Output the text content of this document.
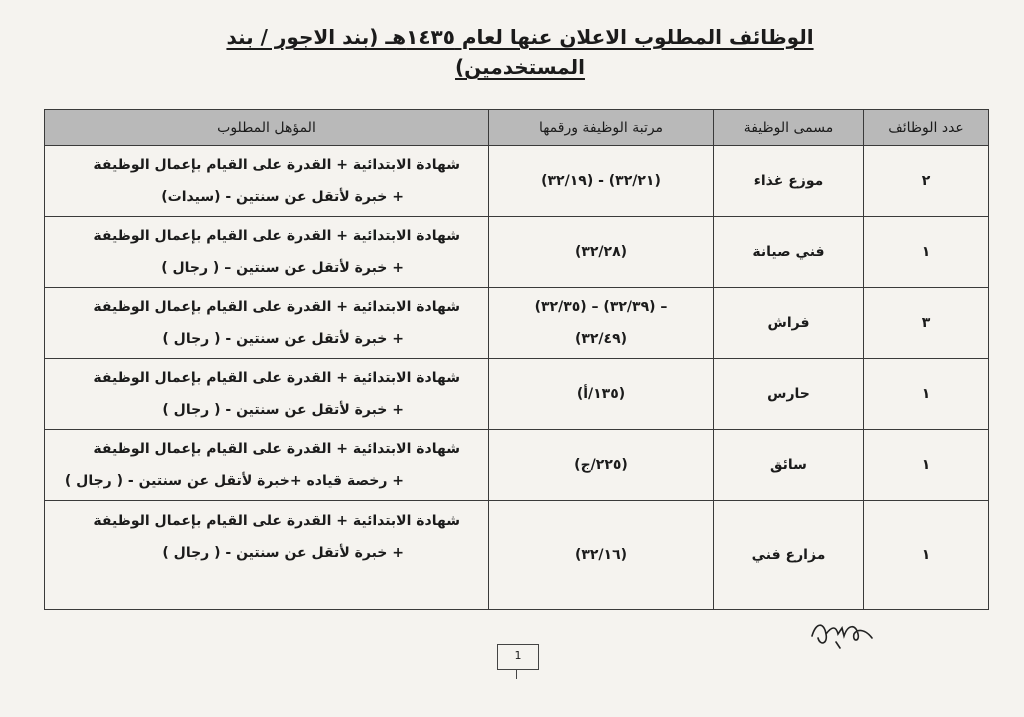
الوظائف المطلوب الاعلان عنها لعام ١٤٣٥هـ (بند الاجور / بند المستخدمين)
عدد الوظائف	مسمى الوظيفة	مرتبة الوظيفة ورقمها	المؤهل المطلوب
٢	موزع غذاء	(٣٢/١٩) - (٣٢/٢١)	شهادة الابتدائية + القدرة على القيام بإعمال الوظيفة
+ خبرة لأتقل عن سنتين - (سيدات)

١	فني صيانة	(٣٢/٢٨)	شهادة الابتدائية + القدرة على القيام بإعمال الوظيفة
+ خبرة لأتقل عن سنتين – ( رجال )

٣	فراش	(٣٢/٣٥) – (٣٢/٣٩) –
(٣٢/٤٩)	شهادة الابتدائية + القدرة على القيام بإعمال الوظيفة
+ خبرة لأتقل عن سنتين - ( رجال )

١	حارس	(١٣٥/أ)	شهادة الابتدائية + القدرة على القيام بإعمال الوظيفة
+ خبرة لأتقل عن سنتين - ( رجال )

١	سائق	(٢٢٥/ج)	شهادة الابتدائية + القدرة على القيام بإعمال الوظيفة
+ رخصة قياده +خبرة لأتقل عن سنتين - ( رجال )

١	مزارع فني	(٣٢/١٦)	شهادة الابتدائية + القدرة على القيام بإعمال الوظيفة
+ خبرة لأتقل عن سنتين - ( رجال )
1
